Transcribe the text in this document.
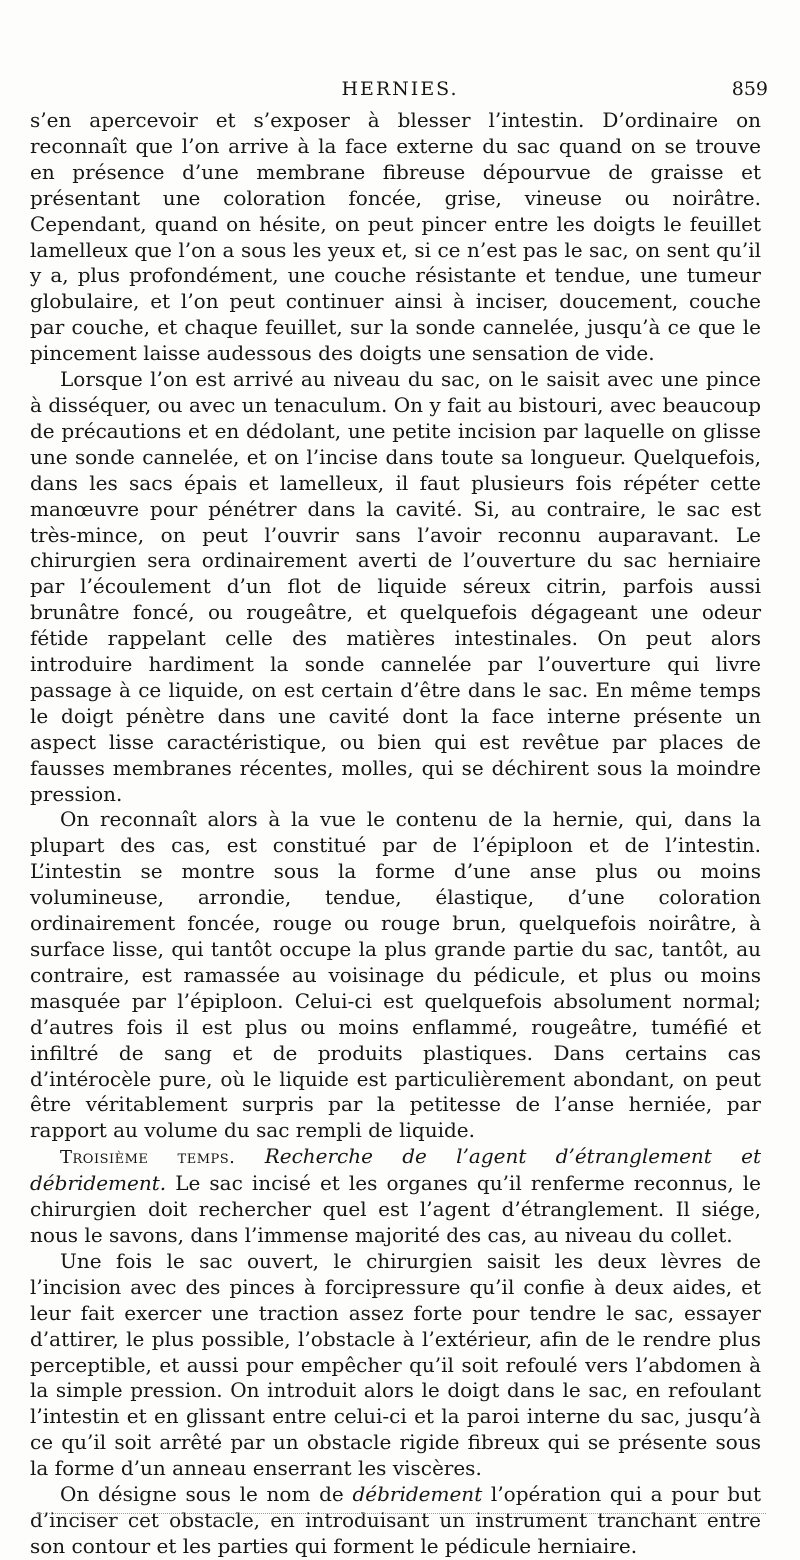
HERNIES.	859

s’en apercevoir et s’exposer à blesser l’intestin. D’ordinaire on reconnaît que l’on arrive à la face externe du sac quand on se trouve en présence d’une membrane fibreuse dépourvue de graisse et présentant une coloration foncée, grise, vineuse ou noirâtre. Cependant, quand on hésite, on peut pincer entre les doigts le feuillet lamelleux que l’on a sous les yeux et, si ce n’est pas le sac, on sent qu’il y a, plus profondément, une couche résistante et tendue, une tumeur globulaire, et l’on peut continuer ainsi à inciser, doucement, couche par couche, et chaque feuillet, sur la sonde cannelée, jusqu’à ce que le pincement laisse audessous des doigts une sensation de vide.

Lorsque l’on est arrivé au niveau du sac, on le saisit avec une pince à disséquer, ou avec un tenaculum. On y fait au bistouri, avec beaucoup de précautions et en dédolant, une petite incision par laquelle on glisse une sonde cannelée, et on l’incise dans toute sa longueur. Quelquefois, dans les sacs épais et lamelleux, il faut plusieurs fois répéter cette manœuvre pour pénétrer dans la cavité. Si, au contraire, le sac est très-mince, on peut l’ouvrir sans l’avoir reconnu auparavant. Le chirurgien sera ordinairement averti de l’ouverture du sac herniaire par l’écoulement d’un flot de liquide séreux citrin, parfois aussi brunâtre foncé, ou rougeâtre, et quelquefois dégageant une odeur fétide rappelant celle des matières intestinales. On peut alors introduire hardiment la sonde cannelée par l’ouverture qui livre passage à ce liquide, on est certain d’être dans le sac. En même temps le doigt pénètre dans une cavité dont la face interne présente un aspect lisse caractéristique, ou bien qui est revêtue par places de fausses membranes récentes, molles, qui se déchirent sous la moindre pression.

On reconnaît alors à la vue le contenu de la hernie, qui, dans la plupart des cas, est constitué par de l’épiploon et de l’intestin. L’intestin se montre sous la forme d’une anse plus ou moins volumineuse, arrondie, tendue, élastique, d’une coloration ordinairement foncée, rouge ou rouge brun, quelquefois noirâtre, à surface lisse, qui tantôt occupe la plus grande partie du sac, tantôt, au contraire, est ramassée au voisinage du pédicule, et plus ou moins masquée par l’épiploon. Celui-ci est quelquefois absolument normal; d’autres fois il est plus ou moins enflammé, rougeâtre, tuméfié et infiltré de sang et de produits plastiques. Dans certains cas d’intérocèle pure, où le liquide est particulièrement abondant, on peut être véritablement surpris par la petitesse de l’anse herniée, par rapport au volume du sac rempli de liquide.

Troisième temps. Recherche de l’agent d’étranglement et débridement. Le sac incisé et les organes qu’il renferme reconnus, le chirurgien doit rechercher quel est l’agent d’étranglement. Il siége, nous le savons, dans l’immense majorité des cas, au niveau du collet.

Une fois le sac ouvert, le chirurgien saisit les deux lèvres de l’incision avec des pinces à forcipressure qu’il confie à deux aides, et leur fait exercer une traction assez forte pour tendre le sac, essayer d’attirer, le plus possible, l’obstacle à l’extérieur, afin de le rendre plus perceptible, et aussi pour empêcher qu’il soit refoulé vers l’abdomen à la simple pression. On introduit alors le doigt dans le sac, en refoulant l’intestin et en glissant entre celui-ci et la paroi interne du sac, jusqu’à ce qu’il soit arrêté par un obstacle rigide fibreux qui se présente sous la forme d’un anneau enserrant les viscères.

On désigne sous le nom de débridement l’opération qui a pour but d’inciser cet obstacle, en introduisant un instrument tranchant entre son contour et les parties qui forment le pédicule herniaire.
